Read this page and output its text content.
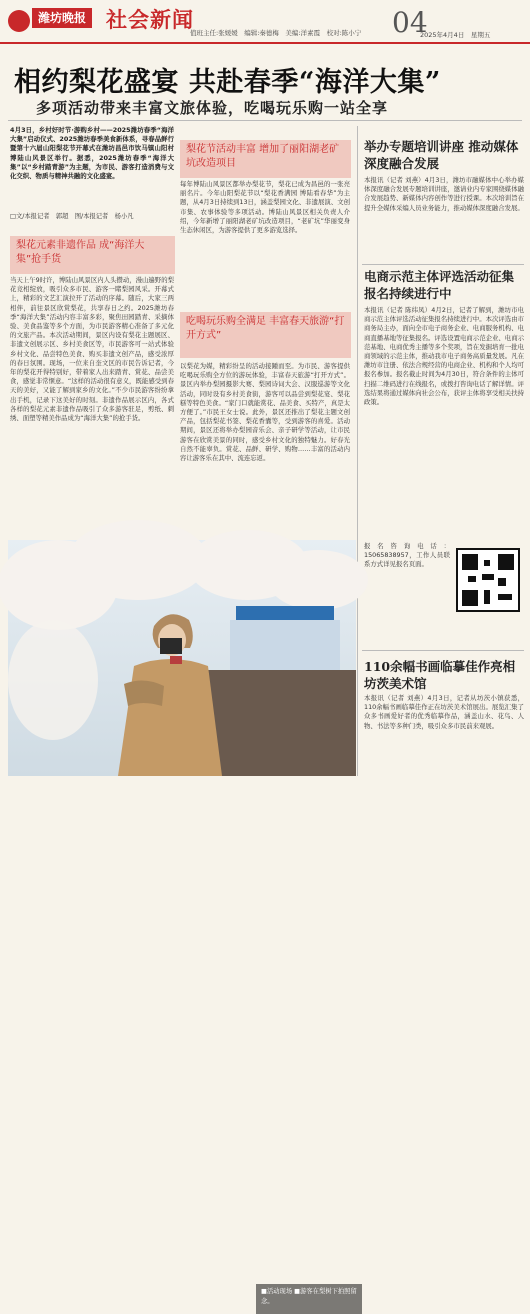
潍坊晚报 社会新闻
值班主任:张媛媛　编辑:秦德梅　美编:洋素霞　校对:陈小宁 04
2025年4月4日　星期五
相约梨花盛宴 共赴春季“海洋大集”
多项活动带来丰富文旅体验，吃喝玩乐购一站全享
4月3日，乡村好时节·游购乡村——2025潍坊春季“海洋大集”启动仪式、2025潍坊春季美食新体系，寻春品鲜行暨第十六届山阳梨花节开幕式在潍坊昌邑市饮马镇山阳村博陆山风景区举行。据悉，2025潍坊春季“海洋大集”以“乡村踏青游”为主题，为市民、游客打造消费与文化交织、物质与精神共融的文化盛宴。
□文/本报记者　郭超　图/本报记者　杨小凡
梨花元素非遗作品 成“海洋大集”抢手货
当天上午9时许，博陆山风景区内人头攒动，漫山遍野的梨花竞相绽放，吸引众多市民、游客一睹梨园风采。开幕式上，精彩的文艺汇演拉开了活动的序幕。随后，大家三两相伴，前往景区欣赏梨花，共享春日之约。2025潍坊春季“海洋大集”活动内容丰富多彩，聚焦田园踏青、采摘体验、美食品鉴等多个方面，为市民游客精心准备了多元化的文旅产品。本次活动期间，景区内设有梨花主题展区、非遗文创展示区、乡村美食区等，市民游客可一站式体验乡村文化、品尝特色美食、购买非遗文创产品，感受浓厚的春日氛围。现场，一位来自奎文区的市民告诉记者，今年的梨花开得特别好，带着家人出来踏青、赏花、品尝美食，感觉非常惬意。“这样的活动很有意义，既能感受到春天的美好，又能了解到家乡的文化。”不少市民游客纷纷拿出手机，记录下这美好的时刻。非遗作品展示区内，各式各样的梨花元素非遗作品吸引了众多游客驻足，剪纸、刺绣、面塑等精美作品成为“海洋大集”的抢手货。
梨花节活动丰富 增加了丽阳湖老矿坑改造项目
每年博陆山风景区都举办梨花节，梨花已成为昌邑的一张亮丽名片。今年山阳梨花节以“梨花香满园 博陆看春华”为主题，从4月3日持续到13日，涵盖梨园文化、非遗展演、文创市集、农事体验等多项活动。博陆山风景区相关负责人介绍，今年新增了丽阳湖老矿坑改造项目，“老矿坑”华丽变身生态休闲区，为游客提供了更多游览选择。
吃喝玩乐购全满足 丰富春天旅游“打开方式”
以梨花为媒，精彩纷呈的活动接踵而至。为市民、游客提供吃喝玩乐购全方位的游玩体验，丰富春天旅游“打开方式”。景区内举办梨园摄影大赛、梨园诗词大会、汉服巡游等文化活动，同时设有乡村美食街，游客可以品尝到梨花宴、梨花糕等特色美食。“家门口就能赏花、品美食、买特产，真是太方便了。”市民王女士说。此外，景区还推出了梨花主题文创产品，包括梨花书签、梨花香囊等，受到游客的喜爱。活动期间，景区还将举办梨园音乐会、亲子研学等活动，让市民游客在欣赏美景的同时，感受乡村文化的独特魅力。好春光自然不能辜负。赏花、品鲜、研学、购物……丰富的活动内容让游客乐在其中、流连忘返。
举办专题培训讲座 推动媒体深度融合发展
本报讯（记者 刘燕）4月3日，潍坊市融媒体中心举办媒体深度融合发展专题培训讲座，邀请业内专家围绕媒体融合发展趋势、新媒体内容创作等进行授课。本次培训旨在提升全媒体采编人员业务能力，推动媒体深度融合发展。
电商示范主体评选活动征集报名持续进行中
本报讯（记者 陈纬凤）4月2日，记者了解到，潍坊市电商示范主体评选活动征集报名持续进行中。本次评选由市商务局主办，面向全市电子商务企业、电商服务机构、电商直播基地等征集报名。评选设置电商示范企业、电商示范基地、电商优秀主播等多个奖项，旨在发掘培育一批电商领域的示范主体，推动我市电子商务高质量发展。凡在潍坊市注册、依法合规经营的电商企业、机构和个人均可报名参加。报名截止时间为4月30日，符合条件的主体可扫描二维码进行在线报名，或拨打咨询电话了解详情。评选结果将通过媒体向社会公布，获评主体将享受相关扶持政策。
报名咨询电话：15065838957，工作人员联系方式详见报名页面。
110余幅书画临摹佳作亮相坊茨美术馆
本报讯（记者 刘燕）4月3日，记者从坊茨小镇获悉，110余幅书画临摹佳作正在坊茨美术馆展出。展览汇集了众多书画爱好者的优秀临摹作品，涵盖山水、花鸟、人物、书法等多种门类，吸引众多市民前来观展。
■活动现场 ■游客在梨树下拍照留念。
